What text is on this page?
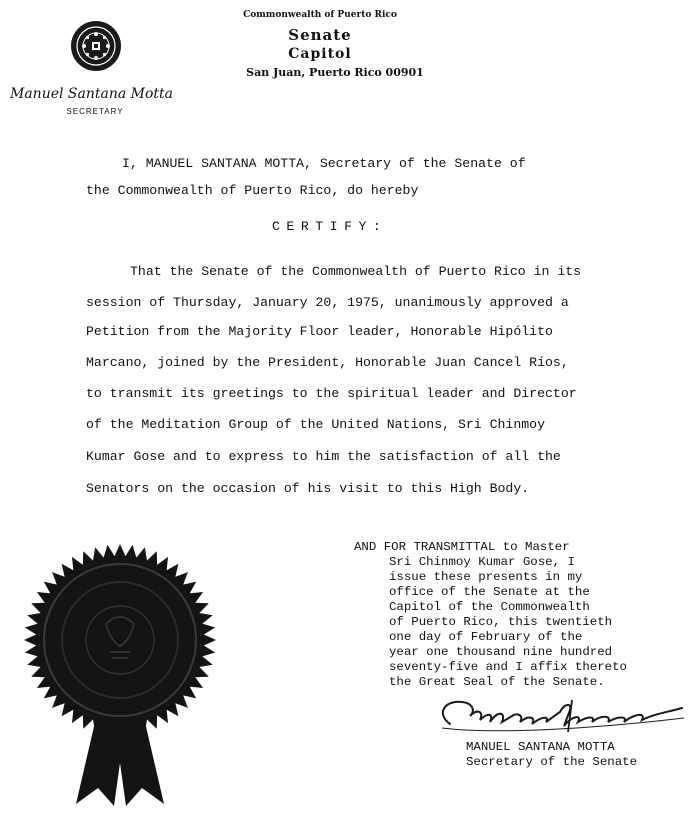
Commonwealth of Puerto Rico
Senate
Capitol
San Juan, Puerto Rico 00901
Manuel Santana Motta
SECRETARY
I, MANUEL SANTANA MOTTA, Secretary of the Senate of
the Commonwealth of Puerto Rico, do hereby
CERTIFY:
That the Senate of the Commonwealth of Puerto Rico in its
session of Thursday, January 20, 1975, unanimously approved a
Petition from the Majority Floor leader, Honorable Hipólito
Marcano, joined by the President, Honorable Juan Cancel Ríos,
to transmit its greetings to the spiritual leader and Director
of the Meditation Group of the United Nations, Sri Chinmoy
Kumar Gose and to express to him the satisfaction of all the
Senators on the occasion of his visit to this High Body.
AND FOR TRANSMITTAL to Master
Sri Chinmoy Kumar Gose, I
issue these presents in my
office of the Senate at the
Capitol of the Commonwealth
of Puerto Rico, this twentieth
one day of February of the
year one thousand nine hundred
seventy-five and I affix thereto
the Great Seal of the Senate.
MANUEL SANTANA MOTTA
Secretary of the Senate
